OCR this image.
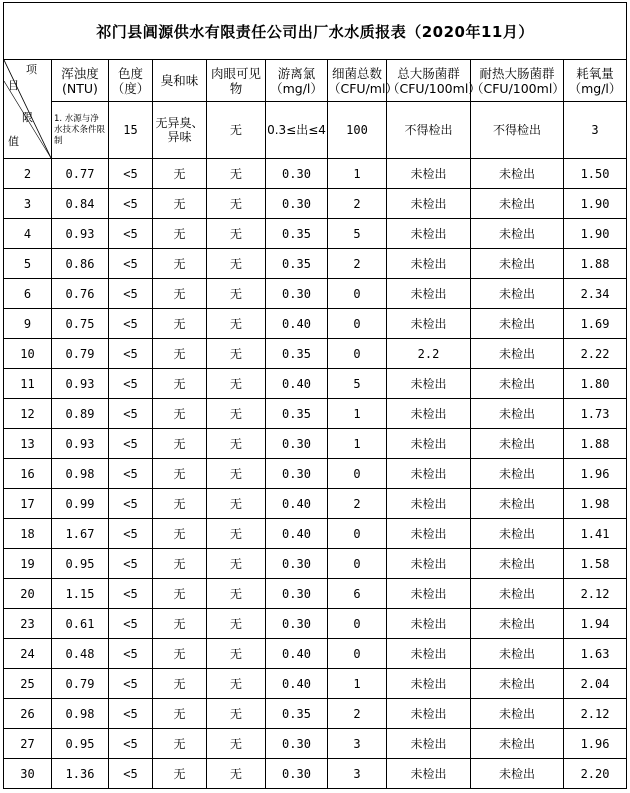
祁门县阊源供水有限责任公司出厂水水质报表（2020年11月）									

项
目
限
值	浑浊度(NTU)	色度（度）	臭和味	肉眼可见物	游离氯（mg/l）	细菌总数（CFU/ml）	总大肠菌群（CFU/100ml）	耐热大肠菌群（CFU/100ml）	耗氧量（mg/l）
	1. 水源与净水技术条件限制	15	无异臭、异味	无	0.3≤出≤4	100	不得检出	不得检出	3
2	0.77	<5	无	无	0.30	1	未检出	未检出	1.50
3	0.84	<5	无	无	0.30	2	未检出	未检出	1.90
4	0.93	<5	无	无	0.35	5	未检出	未检出	1.90
5	0.86	<5	无	无	0.35	2	未检出	未检出	1.88
6	0.76	<5	无	无	0.30	0	未检出	未检出	2.34
9	0.75	<5	无	无	0.40	0	未检出	未检出	1.69
10	0.79	<5	无	无	0.35	0	2.2	未检出	2.22
11	0.93	<5	无	无	0.40	5	未检出	未检出	1.80
12	0.89	<5	无	无	0.35	1	未检出	未检出	1.73
13	0.93	<5	无	无	0.30	1	未检出	未检出	1.88
16	0.98	<5	无	无	0.30	0	未检出	未检出	1.96
17	0.99	<5	无	无	0.40	2	未检出	未检出	1.98
18	1.67	<5	无	无	0.40	0	未检出	未检出	1.41
19	0.95	<5	无	无	0.30	0	未检出	未检出	1.58
20	1.15	<5	无	无	0.30	6	未检出	未检出	2.12
23	0.61	<5	无	无	0.30	0	未检出	未检出	1.94
24	0.48	<5	无	无	0.40	0	未检出	未检出	1.63
25	0.79	<5	无	无	0.40	1	未检出	未检出	2.04
26	0.98	<5	无	无	0.35	2	未检出	未检出	2.12
27	0.95	<5	无	无	0.30	3	未检出	未检出	1.96
30	1.36	<5	无	无	0.30	3	未检出	未检出	2.20
